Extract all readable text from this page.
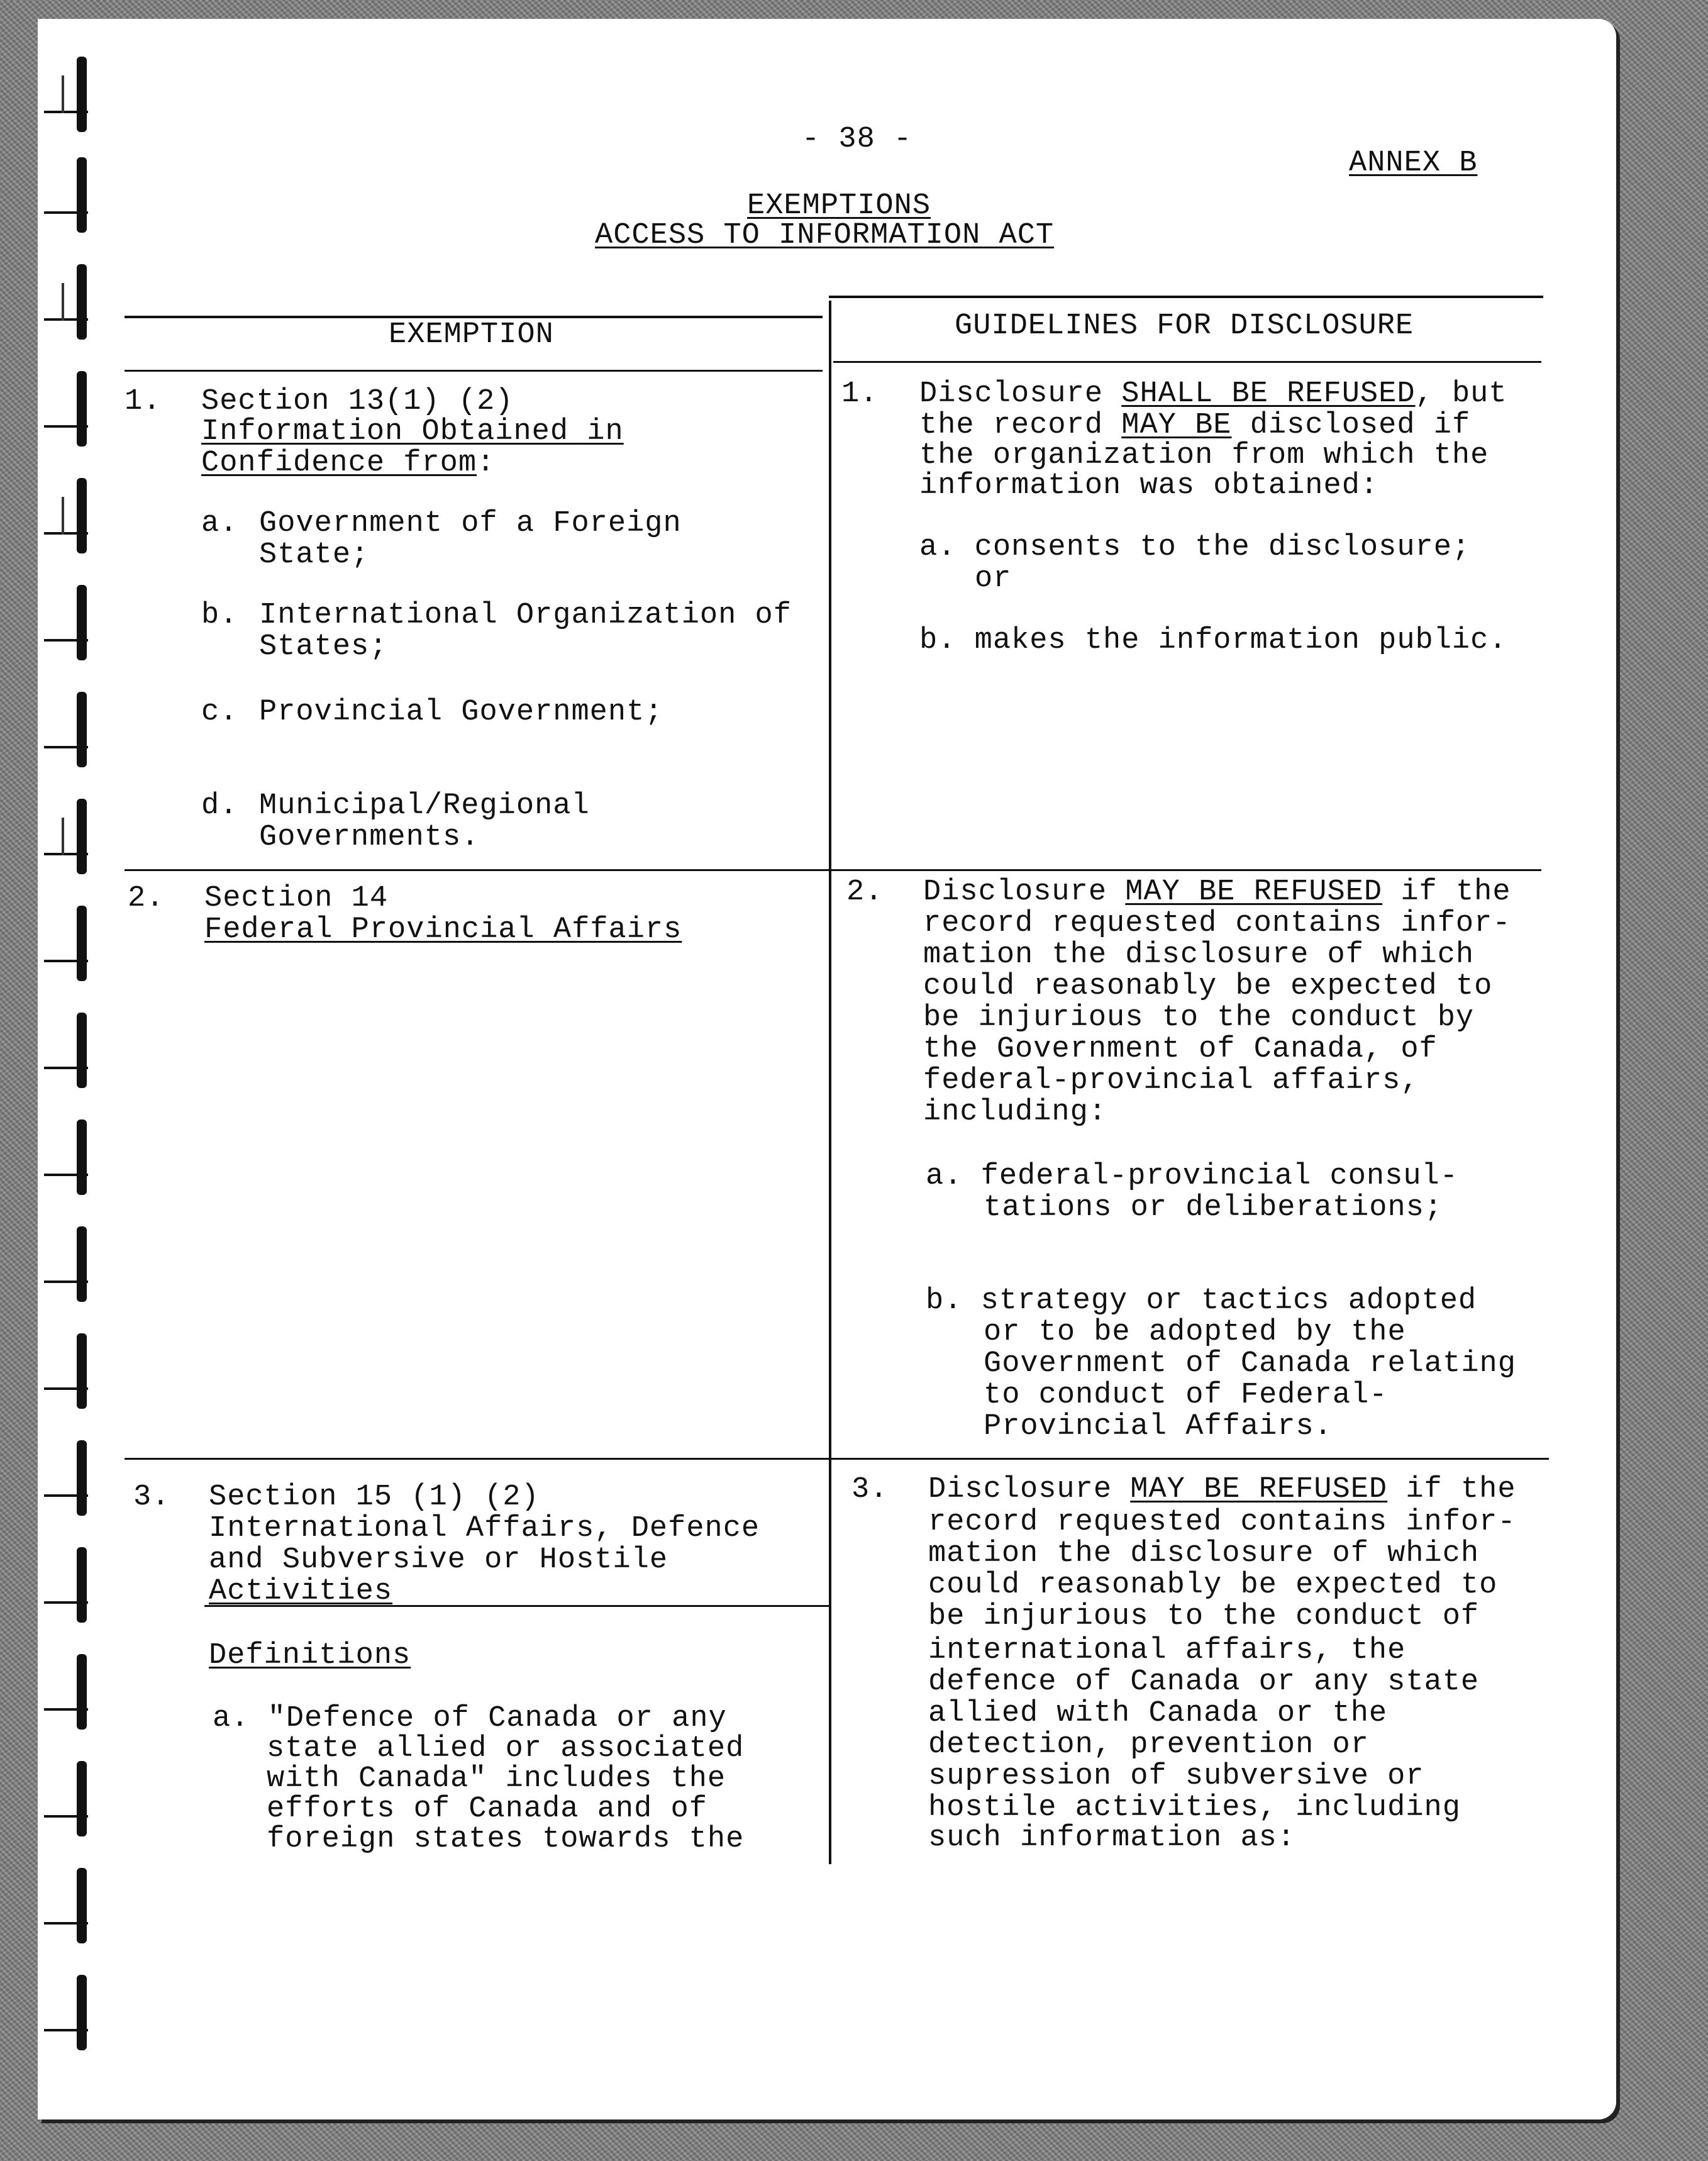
- 38 -
ANNEX B
EXEMPTIONS
ACCESS TO INFORMATION ACT
EXEMPTION	GUIDELINES FOR DISCLOSURE
1. Section 13(1) (2)
Information Obtained in
Confidence from:
a. Government of a Foreign
State;
b. International Organization of
States;
c. Provincial Government;
d. Municipal/Regional
Governments.
1. Disclosure SHALL BE REFUSED, but
the record MAY BE disclosed if
the organization from which the
information was obtained:
a. consents to the disclosure;
or
b. makes the information public.
2. Section 14
Federal Provincial Affairs
2. Disclosure MAY BE REFUSED if the
record requested contains infor-
mation the disclosure of which
could reasonably be expected to
be injurious to the conduct by
the Government of Canada, of
federal-provincial affairs,
including:
a. federal-provincial consul-
tations or deliberations;
b. strategy or tactics adopted
or to be adopted by the
Government of Canada relating
to conduct of Federal-
Provincial Affairs.
3. Section 15 (1) (2)
International Affairs, Defence
and Subversive or Hostile
Activities
Definitions
a. "Defence of Canada or any
state allied or associated
with Canada" includes the
efforts of Canada and of
foreign states towards the
3. Disclosure MAY BE REFUSED if the
record requested contains infor-
mation the disclosure of which
could reasonably be expected to
be injurious to the conduct of
international affairs, the
defence of Canada or any state
allied with Canada or the
detection, prevention or
supression of subversive or
hostile activities, including
such information as:
